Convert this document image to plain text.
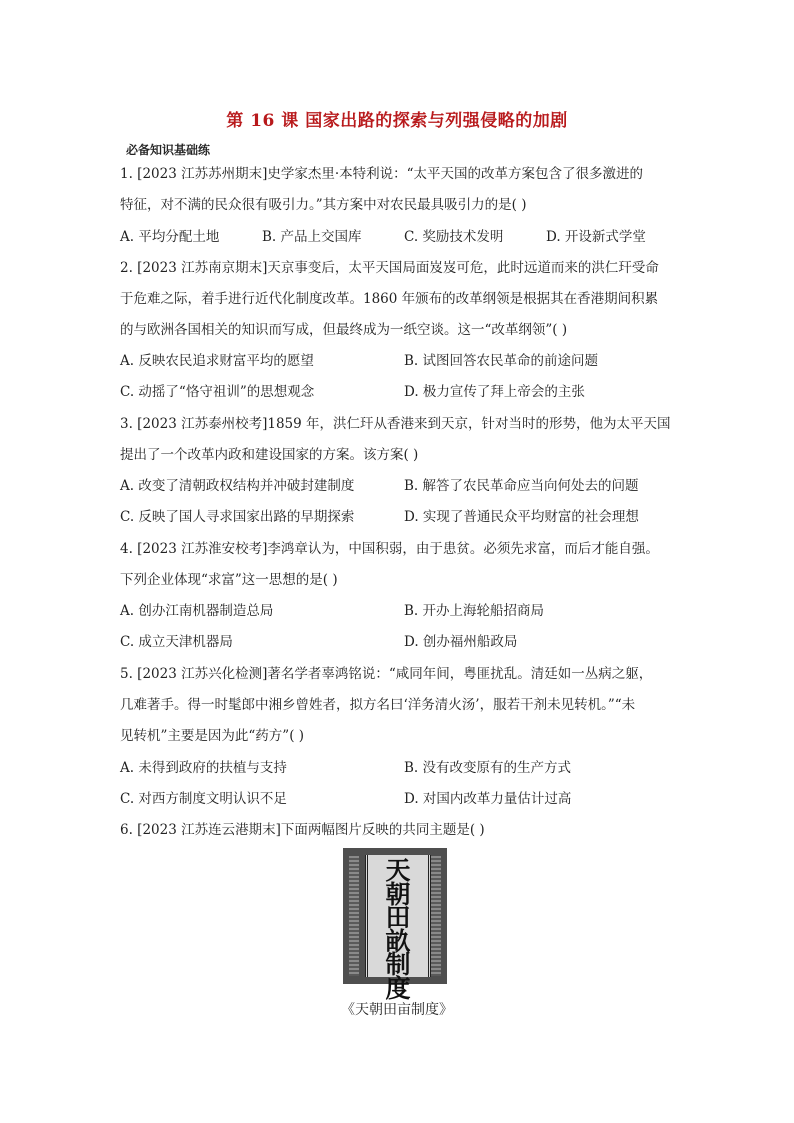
第 16 课 国家出路的探索与列强侵略的加剧
必备知识基础练
1. [2023 江苏苏州期末]史学家杰里·本特利说：“太平天国的改革方案包含了很多激进的
特征，对不满的民众很有吸引力。”其方案中对农民最具吸引力的是( )
A. 平均分配土地	B. 产品上交国库	C. 奖励技术发明	D. 开设新式学堂
2. [2023 江苏南京期末]天京事变后，太平天国局面岌岌可危，此时远道而来的洪仁玕受命
于危难之际，着手进行近代化制度改革。1860 年颁布的改革纲领是根据其在香港期间积累
的与欧洲各国相关的知识而写成，但最终成为一纸空谈。这一“改革纲领”( )
A. 反映农民追求财富平均的愿望	B. 试图回答农民革命的前途问题
C. 动摇了“恪守祖训”的思想观念	D. 极力宣传了拜上帝会的主张
3. [2023 江苏泰州校考]1859 年，洪仁玕从香港来到天京，针对当时的形势，他为太平天国
提出了一个改革内政和建设国家的方案。该方案( )
A. 改变了清朝政权结构并冲破封建制度	B. 解答了农民革命应当向何处去的问题
C. 反映了国人寻求国家出路的早期探索	D. 实现了普通民众平均财富的社会理想
4. [2023 江苏淮安校考]李鸿章认为，中国积弱，由于患贫。必须先求富，而后才能自强。
下列企业体现“求富”这一思想的是( )
A. 创办江南机器制造总局	B. 开办上海轮船招商局
C. 成立天津机器局	D. 创办福州船政局
5. [2023 江苏兴化检测]著名学者辜鸿铭说：“咸同年间，粤匪扰乱。清廷如一丛病之躯，
几难著手。得一时髦郎中湘乡曾姓者，拟方名曰‘洋务清火汤’，服若干剂未见转机。”“未
见转机”主要是因为此“药方”( )
A. 未得到政府的扶植与支持	B. 没有改变原有的生产方式
C. 对西方制度文明认识不足	D. 对国内改革力量估计过高
6. [2023 江苏连云港期末]下面两幅图片反映的共同主题是( )
天
朝
田
畝
制
度
《天朝田亩制度》
